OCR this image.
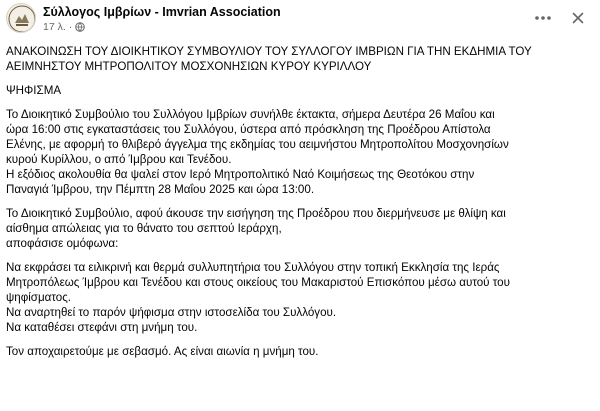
Σύλλογος Ιμβρίων - Imvrian Association
17 λ. ·

ΑΝΑΚΟΙΝΩΣΗ ΤΟΥ ΔΙΟΙΚΗΤΙΚΟΥ ΣΥΜΒΟΥΛΙΟΥ ΤΟΥ ΣΥΛΛΟΓΟΥ ΙΜΒΡΙΩΝ ΓΙΑ ΤΗΝ ΕΚΔΗΜΙΑ ΤΟΥ
ΑΕΙΜΝΗΣΤΟΥ ΜΗΤΡΟΠΟΛΙΤΟΥ ΜΟΣΧΟΝΗΣΙΩΝ ΚΥΡΟΥ ΚΥΡΙΛΛΟΥ

ΨΗΦΙΣΜΑ

Το Διοικητικό Συμβούλιο του Συλλόγου Ιμβρίων συνήλθε έκτακτα, σήμερα Δευτέρα 26 Μαΐου και
ώρα 16:00 στις εγκαταστάσεις του Συλλόγου, ύστερα από πρόσκληση της Προέδρου Απίστολα
Ελένης, με αφορμή το θλιβερό άγγελμα της εκδημίας του αειμνήστου Μητροπολίτου Μοσχονησίων
κυρού Κυρίλλου, ο από Ίμβρου και Τενέδου.
Η εξόδιος ακολουθία θα ψαλεί στον Ιερό Μητροπολιτικό Ναό Κοιμήσεως της Θεοτόκου στην
Παναγιά Ίμβρου, την Πέμπτη 28 Μαΐου 2025 και ώρα 13:00.

Το Διοικητικό Συμβούλιο, αφού άκουσε την εισήγηση της Προέδρου που διερμήνευσε με θλίψη και
αίσθημα απώλειας για το θάνατο του σεπτού Ιεράρχη,
αποφάσισε ομόφωνα:

Να εκφράσει τα ειλικρινή και θερμά συλλυπητήρια του Συλλόγου στην τοπική Εκκλησία της Ιεράς
Μητροπόλεως Ίμβρου και Τενέδου και στους οικείους του Μακαριστού Επισκόπου μέσω αυτού του
ψηφίσματος.
Να αναρτηθεί το παρόν ψήφισμα στην ιστοσελίδα του Συλλόγου.
Να καταθέσει στεφάνι στη μνήμη του.

Τον αποχαιρετούμε με σεβασμό. Ας είναι αιωνία η μνήμη του.
